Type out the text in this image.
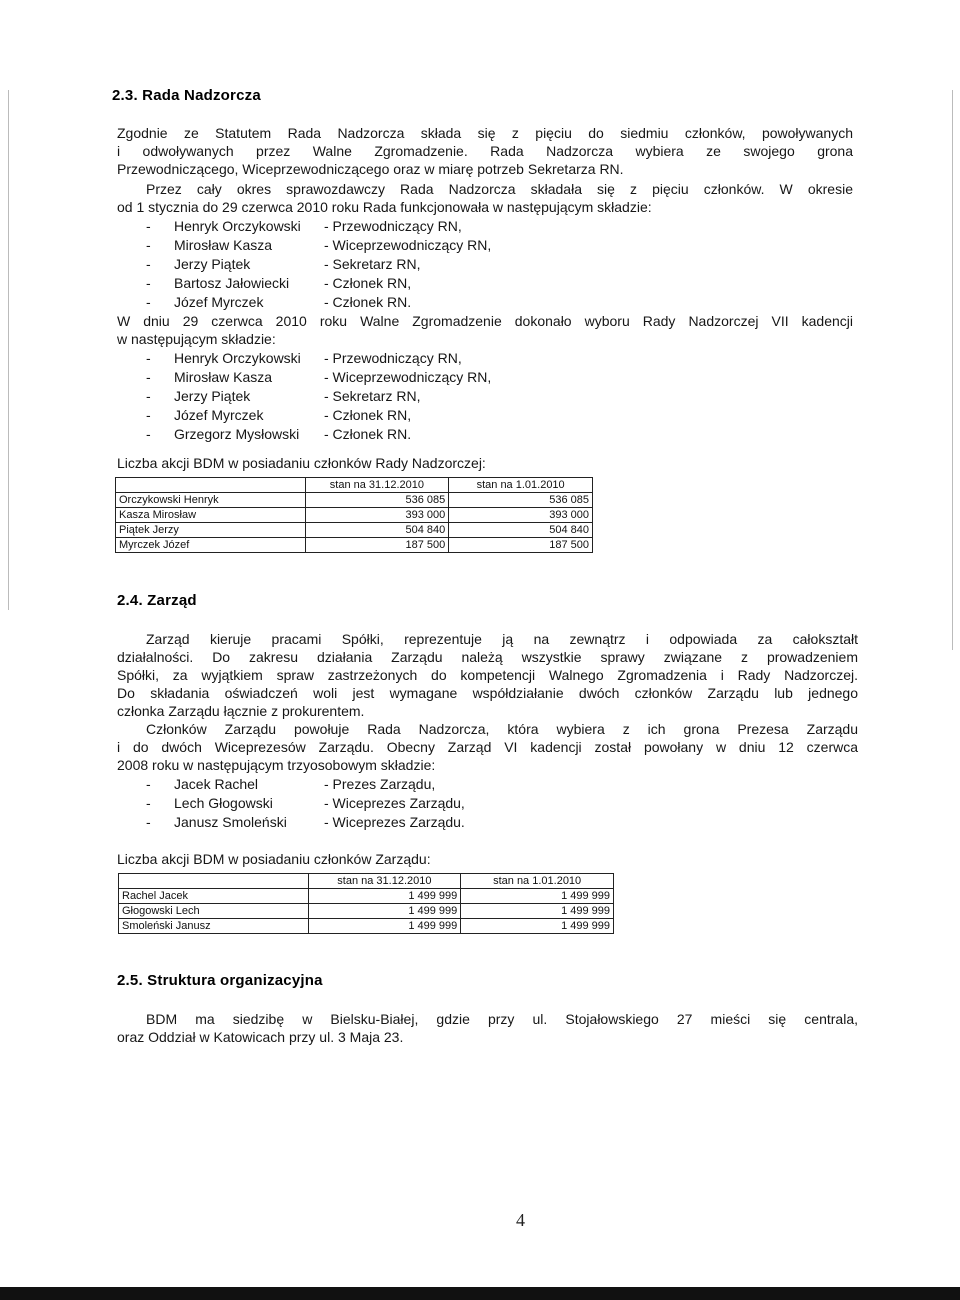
2.3. Rada Nadzorcza
Zgodnie ze Statutem Rada Nadzorcza składa się z pięciu do siedmiu członków, powoływanych
i odwoływanych przez Walne Zgromadzenie. Rada Nadzorcza wybiera ze swojego grona
Przewodniczącego, Wiceprzewodniczącego oraz w miarę potrzeb Sekretarza RN.
Przez cały okres sprawozdawczy Rada Nadzorcza składała się z pięciu członków. W okresie
od 1 stycznia do 29 czerwca 2010 roku Rada funkcjonowała w następującym składzie:
- Henryk Orczykowski - Przewodniczący RN,
- Mirosław Kasza	- Wiceprzewodniczący RN,
- Jerzy Piątek	- Sekretarz RN,
- Bartosz Jałowiecki - Członek RN,
- Józef Myrczek	- Członek RN.
W dniu 29 czerwca 2010 roku Walne Zgromadzenie dokonało wyboru Rady Nadzorczej VII kadencji
w następującym składzie:
- Henryk Orczykowski - Przewodniczący RN,
- Mirosław Kasza	- Wiceprzewodniczący RN,
- Jerzy Piątek	- Sekretarz RN,
- Józef Myrczek	- Członek RN,
- Grzegorz Mysłowski - Członek RN.
Liczba akcji BDM w posiadaniu członków Rady Nadzorczej:
	stan na 31.12.2010	stan na 1.01.2010
Orczykowski Henryk	536 085	536 085
Kasza Mirosław	393 000	393 000
Piątek Jerzy	504 840	504 840
Myrczek Józef	187 500	187 500
2.4. Zarząd
Zarząd kieruje pracami Spółki, reprezentuje ją na zewnątrz i odpowiada za całokształt
działalności. Do zakresu działania Zarządu należą wszystkie sprawy związane z prowadzeniem
Spółki, za wyjątkiem spraw zastrzeżonych do kompetencji Walnego Zgromadzenia i Rady Nadzorczej.
Do składania oświadczeń woli jest wymagane współdziałanie dwóch członków Zarządu lub jednego
członka Zarządu łącznie z prokurentem.
Członków Zarządu powołuje Rada Nadzorcza, która wybiera z ich grona Prezesa Zarządu
i do dwóch Wiceprezesów Zarządu. Obecny Zarząd VI kadencji został powołany w dniu 12 czerwca
2008 roku w następującym trzyosobowym składzie:
- Jacek Rachel	- Prezes Zarządu,
- Lech Głogowski	- Wiceprezes Zarządu,
- Janusz Smoleński	- Wiceprezes Zarządu.
Liczba akcji BDM w posiadaniu członków Zarządu:
	stan na 31.12.2010	stan na 1.01.2010
Rachel Jacek	1 499 999	1 499 999
Głogowski Lech	1 499 999	1 499 999
Smoleński Janusz	1 499 999	1 499 999
2.5. Struktura organizacyjna
BDM ma siedzibę w Bielsku-Białej, gdzie przy ul. Stojałowskiego 27 mieści się centrala,
oraz Oddział w Katowicach przy ul. 3 Maja 23.
4
